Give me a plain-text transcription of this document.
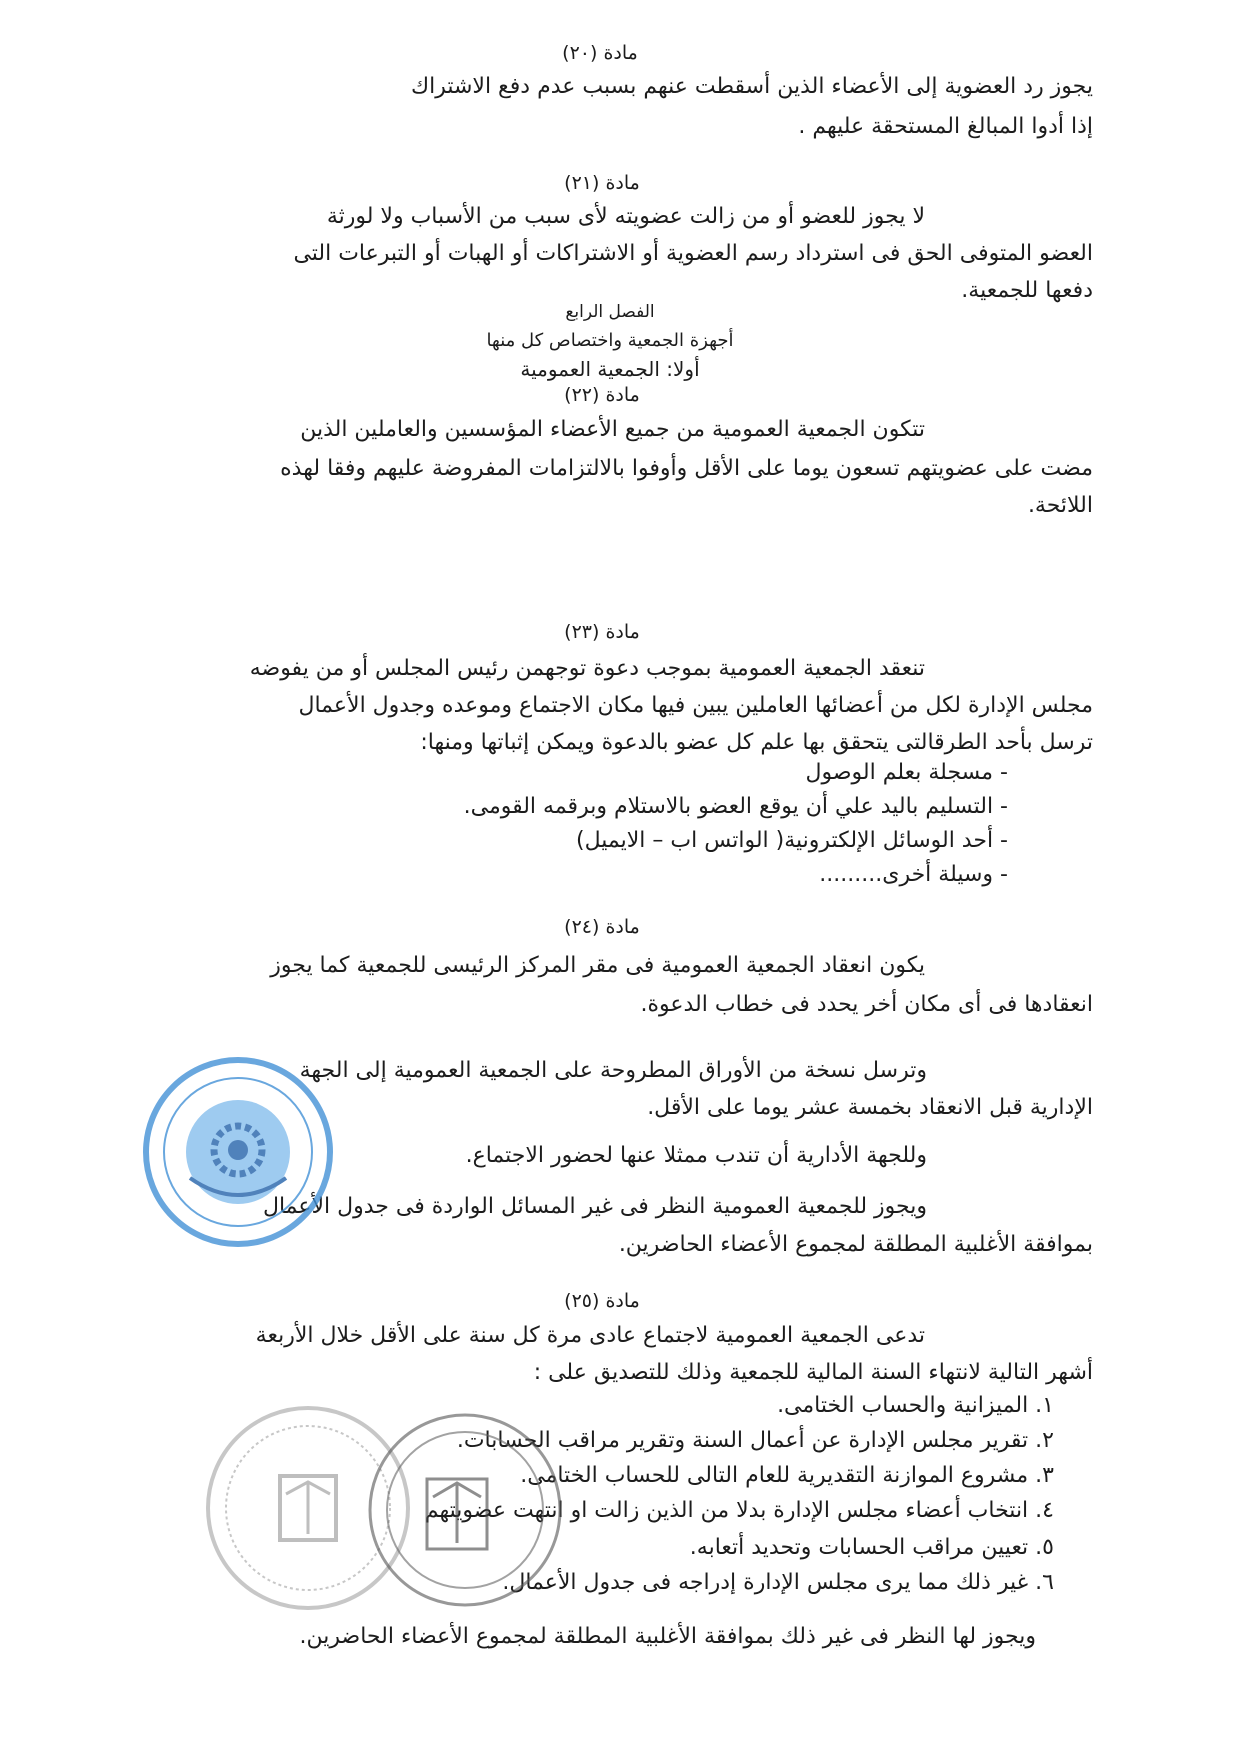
مادة (٢٠)
يجوز رد العضوية إلى الأعضاء الذين أسقطت عنهم بسبب عدم دفع الاشتراك
إذا أدوا المبالغ المستحقة عليهم .
مادة (٢١)
لا يجوز للعضو أو من زالت عضويته لأى سبب من الأسباب ولا لورثة
العضو المتوفى الحق فى استرداد رسم العضوية أو الاشتراكات أو الهبات أو التبرعات التى
دفعها للجمعية.
الفصل الرابع
أجهزة الجمعية واختصاص كل منها
أولا: الجمعية العمومية
مادة (٢٢)
تتكون الجمعية العمومية من جميع الأعضاء المؤسسين والعاملين الذين
مضت على عضويتهم تسعون يوما على الأقل وأوفوا بالالتزامات المفروضة عليهم وفقا لهذه
اللائحة.
مادة (٢٣)
تنعقد الجمعية العمومية بموجب دعوة توجهمن رئيس المجلس أو من يفوضه
مجلس الإدارة لكل من أعضائها العاملين يبين فيها مكان الاجتماع وموعده وجدول الأعمال
ترسل بأحد الطرقالتى يتحقق بها علم كل عضو بالدعوة ويمكن إثباتها ومنها:
- مسجلة بعلم الوصول
- التسليم باليد علي أن يوقع العضو بالاستلام وبرقمه القومى.
- أحد الوسائل الإلكترونية( الواتس اب – الايميل)
- وسيلة أخرى.........
مادة (٢٤)
يكون انعقاد الجمعية العمومية فى مقر المركز الرئيسى للجمعية كما يجوز
انعقادها فى أى مكان أخر يحدد فى خطاب الدعوة.
وترسل نسخة من الأوراق المطروحة على الجمعية العمومية إلى الجهة
الإدارية قبل الانعقاد بخمسة عشر يوما على الأقل.
وللجهة الأدارية أن تندب ممثلا عنها لحضور الاجتماع.
ويجوز للجمعية العمومية النظر فى غير المسائل الواردة فى جدول الأعمال
بموافقة الأغلبية المطلقة لمجموع الأعضاء الحاضرين.
مادة (٢٥)
تدعى الجمعية العمومية لاجتماع عادى مرة كل سنة على الأقل خلال الأربعة
أشهر التالية لانتهاء السنة المالية للجمعية وذلك للتصديق على :
١. الميزانية والحساب الختامى.
٢. تقرير مجلس الإدارة عن أعمال السنة وتقرير مراقب الحسابات.
٣. مشروع الموازنة التقديرية للعام التالى للحساب الختامى.
٤. انتخاب أعضاء مجلس الإدارة بدلا من الذين زالت او انتهت عضويتهم
٥. تعيين مراقب الحسابات وتحديد أتعابه.
٦. غير ذلك مما يرى مجلس الإدارة إدراجه فى جدول الأعمال.
ويجوز لها النظر فى غير ذلك بموافقة الأغلبية المطلقة لمجموع الأعضاء الحاضرين.
